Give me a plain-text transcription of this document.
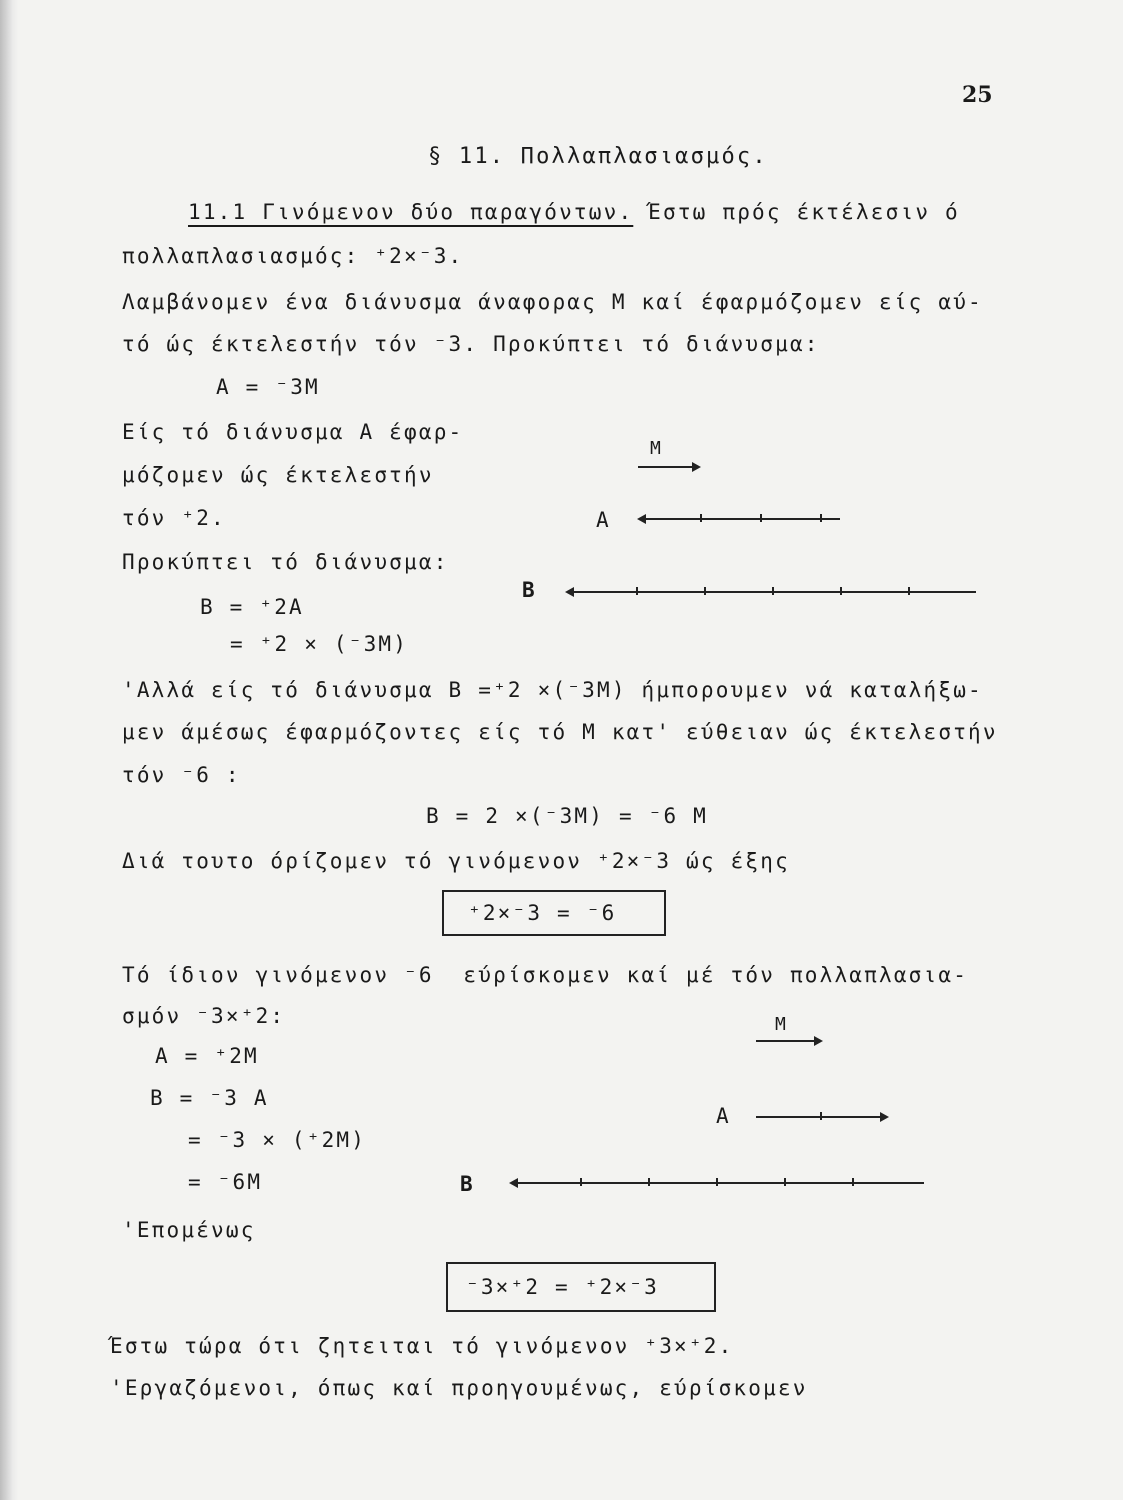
25
§ 11. Πολλαπλασιασμός.
11.1 Γινόμενον δύο παραγόντων. Έστω πρός έκτέλεσιν ό
πολλαπλασιασμός: ⁺2×⁻3.
Λαμβάνομεν ένα διάνυσμα άναφορας M καί έφαρμόζομεν είς αύ-
τό ώς έκτελεστήν τόν ⁻3. Προκύπτει τό διάνυσμα:
A = ⁻3M
Είς τό διάνυσμα A έφαρ-
μόζομεν ώς έκτελεστήν
τόν ⁺2.
Προκύπτει τό διάνυσμα:
B = ⁺2A
= ⁺2 × (⁻3M)
M
A
B
'Αλλά είς τό διάνυσμα B =⁺2 ×(⁻3M) ήμπορουμεν νά καταλήξω-
μεν άμέσως έφαρμόζοντες είς τό M κατ' εύθειαν ώς έκτελεστήν
τόν ⁻6 :
B = 2 ×(⁻3M) = ⁻6 M
Διά τουτο όρίζομεν τό γινόμενον ⁺2×⁻3 ώς έξης
⁺2×⁻3 = ⁻6
Τό ίδιον γινόμενον ⁻6  εύρίσκομεν καί μέ τόν πολλαπλασια-
σμόν ⁻3×⁺2:
A = ⁺2M
B = ⁻3 A
= ⁻3 × (⁺2M)
= ⁻6M
M
A
B
'Επομένως
⁻3×⁺2 = ⁺2×⁻3
Έστω τώρα ότι ζητειται τό γινόμενον ⁺3×⁺2.
'Εργαζόμενοι, όπως καί προηγουμένως, εύρίσκομεν
